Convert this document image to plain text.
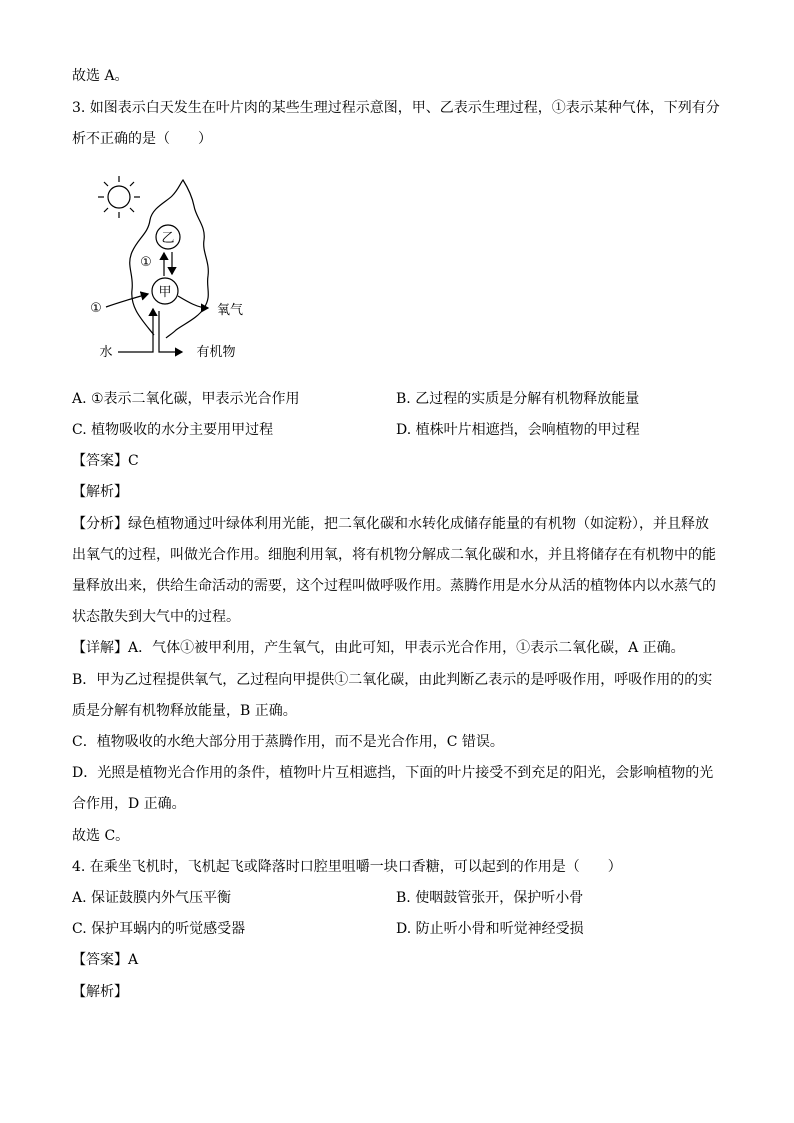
故选 A。
3. 如图表示白天发生在叶片肉的某些生理过程示意图，甲、乙表示生理过程，①表示某种气体，下列有分
析不正确的是（　　）
乙
甲
①
①	氧气
水	有机物
A. ①表示二氧化碳，甲表示光合作用	B. 乙过程的实质是分解有机物释放能量
C. 植物吸收的水分主要用甲过程	D. 植株叶片相遮挡，会响植物的甲过程
【答案】C
【解析】
【分析】绿色植物通过叶绿体利用光能，把二氧化碳和水转化成储存能量的有机物（如淀粉），并且释放
出氧气的过程，叫做光合作用。细胞利用氧，将有机物分解成二氧化碳和水，并且将储存在有机物中的能
量释放出来，供给生命活动的需要，这个过程叫做呼吸作用。蒸腾作用是水分从活的植物体内以水蒸气的
状态散失到大气中的过程。
【详解】A．气体①被甲利用，产生氧气，由此可知，甲表示光合作用，①表示二氧化碳，A 正确。
B．甲为乙过程提供氧气，乙过程向甲提供①二氧化碳，由此判断乙表示的是呼吸作用，呼吸作用的的实
质是分解有机物释放能量，B 正确。
C．植物吸收的水绝大部分用于蒸腾作用，而不是光合作用，C 错误。
D．光照是植物光合作用的条件，植物叶片互相遮挡，下面的叶片接受不到充足的阳光，会影响植物的光
合作用，D 正确。
故选 C。
4. 在乘坐飞机时，飞机起飞或降落时口腔里咀嚼一块口香糖，可以起到的作用是（　　）
A. 保证鼓膜内外气压平衡	B. 使咽鼓管张开，保护听小骨
C. 保护耳蜗内的听觉感受器	D. 防止听小骨和听觉神经受损
【答案】A
【解析】
